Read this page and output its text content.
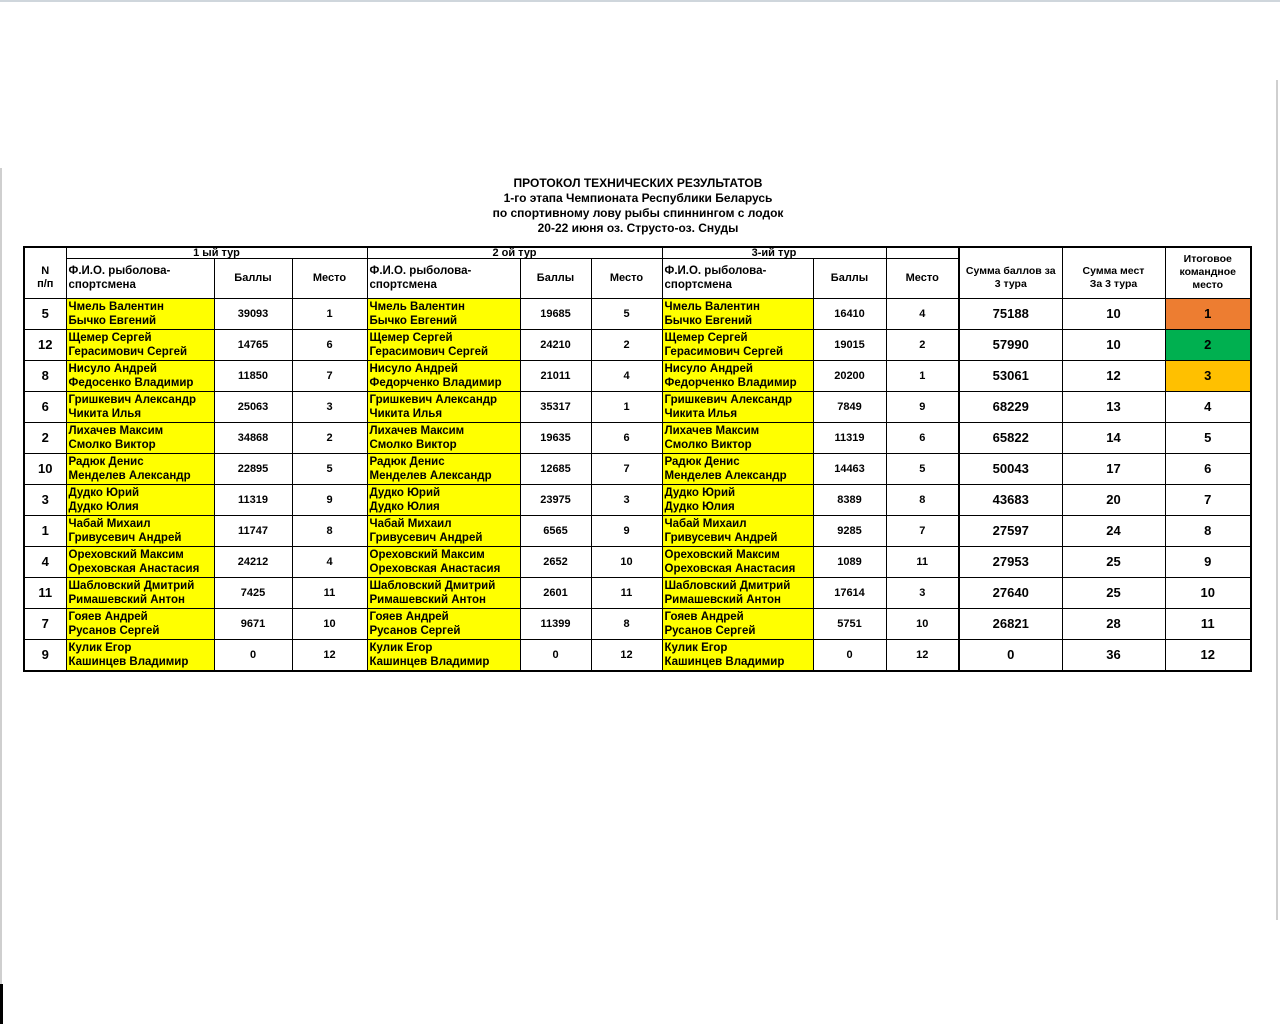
ПРОТОКОЛ ТЕХНИЧЕСКИХ РЕЗУЛЬТАТОВ
1-го этапа Чемпионата Республики Беларусь
по спортивному лову рыбы спиннингом с лодок
20-22 июня оз. Струсто-оз. Снуды
	1 ый тур			2 ой тур			3-ий тур					
N
п/п	Ф.И.О. рыболова-
спортсмена	Баллы	Место	Ф.И.О. рыболова-
спортсмена	Баллы	Место	Ф.И.О. рыболова-
спортсмена	Баллы	Место	Сумма баллов за
3 тура	Сумма мест
За 3 тура	Итоговое
командное
место
5	Чмель Валентин
Бычко Евгений	39093	1	Чмель Валентин
Бычко Евгений	19685	5	Чмель Валентин
Бычко Евгений	16410	4	75188	10	1
12	Щемер Сергей
Герасимович Сергей	14765	6	Щемер Сергей
Герасимович Сергей	24210	2	Щемер Сергей
Герасимович Сергей	19015	2	57990	10	2
8	Нисуло Андрей
Федосенко Владимир	11850	7	Нисуло Андрей
Федорченко Владимир	21011	4	Нисуло Андрей
Федорченко Владимир	20200	1	53061	12	3
6	Гришкевич Александр
Чикита Илья	25063	3	Гришкевич Александр
Чикита Илья	35317	1	Гришкевич Александр
Чикита Илья	7849	9	68229	13	4
2	Лихачев Максим
Смолко Виктор	34868	2	Лихачев Максим
Смолко Виктор	19635	6	Лихачев Максим
Смолко Виктор	11319	6	65822	14	5
10	Радюк Денис
Менделев Александр	22895	5	Радюк Денис
Менделев Александр	12685	7	Радюк Денис
Менделев Александр	14463	5	50043	17	6
3	Дудко Юрий
Дудко Юлия	11319	9	Дудко Юрий
Дудко Юлия	23975	3	Дудко Юрий
Дудко Юлия	8389	8	43683	20	7
1	Чабай Михаил
Гривусевич Андрей	11747	8	Чабай Михаил
Гривусевич Андрей	6565	9	Чабай Михаил
Гривусевич Андрей	9285	7	27597	24	8
4	Ореховский Максим
Ореховская Анастасия	24212	4	Ореховский Максим
Ореховская Анастасия	2652	10	Ореховский Максим
Ореховская Анастасия	1089	11	27953	25	9
11	Шабловский Дмитрий
Римашевский Антон	7425	11	Шабловский Дмитрий
Римашевский Антон	2601	11	Шабловский Дмитрий
Римашевский Антон	17614	3	27640	25	10
7	Гояев Андрей
Русанов Сергей	9671	10	Гояев Андрей
Русанов Сергей	11399	8	Гояев Андрей
Русанов Сергей	5751	10	26821	28	11
9	Кулик Егор
Кашинцев Владимир	0	12	Кулик Егор
Кашинцев Владимир	0	12	Кулик Егор
Кашинцев Владимир	0	12	0	36	12
